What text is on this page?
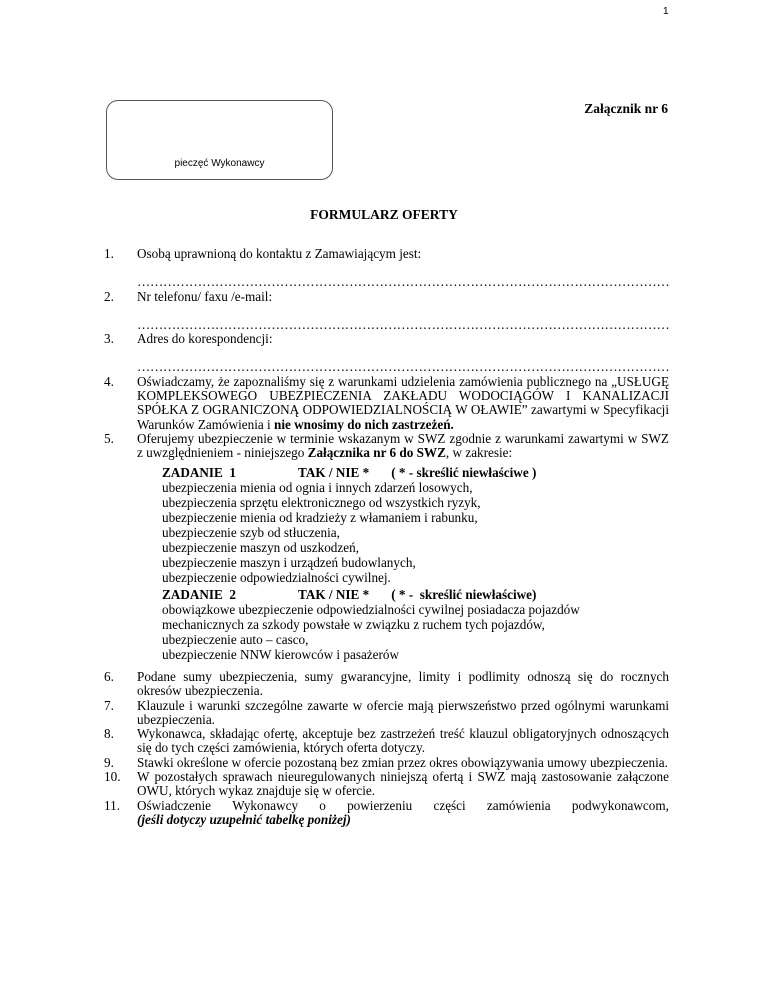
1
pieczęć Wykonawcy
Załącznik nr 6
FORMULARZ OFERTY
1. Osobą uprawnioną do kontaktu z Zamawiającym jest:
2.
……………………………………………………………………………………………………………
Nr telefonu/ faxu /e-mail:
3.
……………………………………………………………………………………………………………
Adres do korespondencji:
4.
……………………………………………………………………………………………………………
Oświadczamy, że zapoznaliśmy się z warunkami udzielenia zamówienia publicznego na „USŁUGĘ KOMPLEKSOWEGO UBEZPIECZENIA ZAKŁADU WODOCIĄGÓW I KANALIZACJI SPÓŁKA Z OGRANICZONĄ ODPOWIEDZIALNOŚCIĄ W OŁAWIE” zawartymi w Specyfikacji Warunków Zamówienia i nie wnosimy do nich zastrzeżeń.
5. Oferujemy ubezpieczenie w terminie wskazanym w SWZ zgodnie z warunkami zawartymi w SWZ z uwzględnieniem - niniejszego Załącznika nr 6 do SWZ, w zakresie:
ZADANIE  1	TAK / NIE * ( * - skreślić niewłaściwe )
ubezpieczenia mienia od ognia i innych zdarzeń losowych,
ubezpieczenia sprzętu elektronicznego od wszystkich ryzyk,
ubezpieczenie mienia od kradzieży z włamaniem i rabunku,
ubezpieczenie szyb od stłuczenia,
ubezpieczenie maszyn od uszkodzeń,
ubezpieczenie maszyn i urządzeń budowlanych,
ubezpieczenie odpowiedzialności cywilnej.
ZADANIE  2	TAK / NIE * ( * -  skreślić niewłaściwe)
obowiązkowe ubezpieczenie odpowiedzialności cywilnej posiadacza pojazdów
mechanicznych za szkody powstałe w związku z ruchem tych pojazdów,
ubezpieczenie auto – casco,
ubezpieczenie NNW kierowców i pasażerów
6. Podane sumy ubezpieczenia, sumy gwarancyjne, limity i podlimity odnoszą się do rocznych okresów ubezpieczenia.
7. Klauzule i warunki szczególne zawarte w ofercie mają pierwszeństwo przed ogólnymi warunkami ubezpieczenia.
8. Wykonawca, składając ofertę, akceptuje bez zastrzeżeń treść klauzul obligatoryjnych odnoszących się do tych części zamówienia, których oferta dotyczy.
9. Stawki określone w ofercie pozostaną bez zmian przez okres obowiązywania umowy ubezpieczenia.
10. W pozostałych sprawach nieuregulowanych niniejszą ofertą i SWZ mają zastosowanie załączone OWU, których wykaz znajduje się w ofercie.
11. Oświadczenie Wykonawcy o powierzeniu części zamówienia podwykonawcom,
(jeśli dotyczy uzupełnić tabelkę poniżej)
